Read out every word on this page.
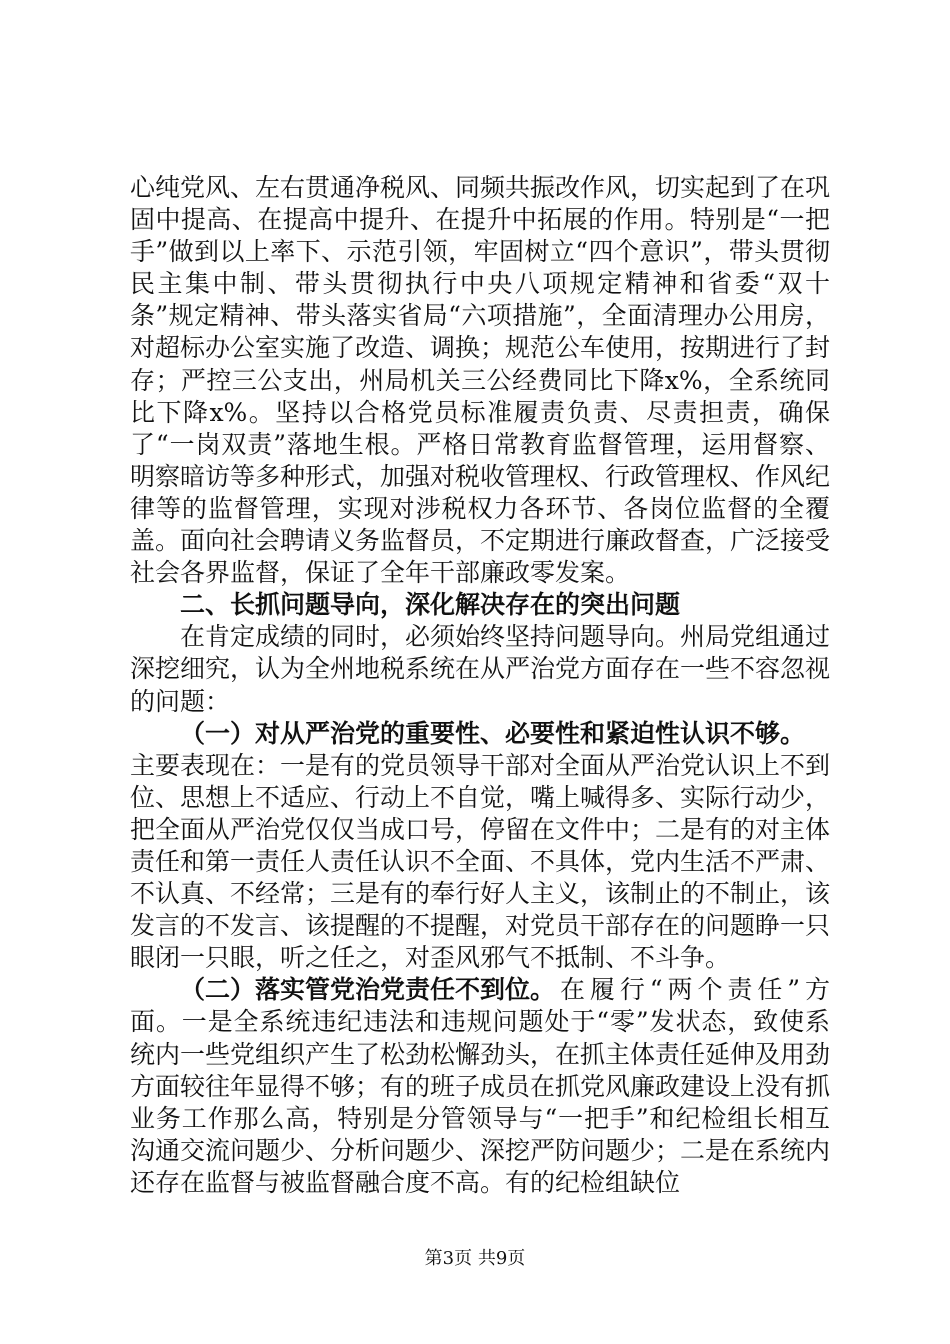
心纯党风、左右贯通净税风、同频共振改作风，切实起到了在巩固中提高、在提高中提升、在提升中拓展的作用。特别是“一把手”做到以上率下、示范引领，牢固树立“四个意识”，带头贯彻民主集中制、带头贯彻执行中央八项规定精神和省委“双十条”规定精神、带头落实省局“六项措施”，全面清理办公用房，对超标办公室实施了改造、调换；规范公车使用，按期进行了封存；严控三公支出，州局机关三公经费同比下降x%，全系统同比下降x%。坚持以合格党员标准履责负责、尽责担责，确保了“一岗双责”落地生根。严格日常教育监督管理，运用督察、明察暗访等多种形式，加强对税收管理权、行政管理权、作风纪律等的监督管理，实现对涉税权力各环节、各岗位监督的全覆盖。面向社会聘请义务监督员，不定期进行廉政督查，广泛接受社会各界监督，保证了全年干部廉政零发案。

二、长抓问题导向，深化解决存在的突出问题

在肯定成绩的同时，必须始终坚持问题导向。州局党组通过深挖细究，认为全州地税系统在从严治党方面存在一些不容忽视的问题：

（一）对从严治党的重要性、必要性和紧迫性认识不够。主要表现在：一是有的党员领导干部对全面从严治党认识上不到位、思想上不适应、行动上不自觉，嘴上喊得多、实际行动少，把全面从严治党仅仅当成口号，停留在文件中；二是有的对主体责任和第一责任人责任认识不全面、不具体，党内生活不严肃、不认真、不经常；三是有的奉行好人主义，该制止的不制止，该发言的不发言、该提醒的不提醒，对党员干部存在的问题睁一只眼闭一只眼，听之任之，对歪风邪气不抵制、不斗争。

（二）落实管党治党责任不到位。在履行“两个责任”方面。一是全系统违纪违法和违规问题处于“零”发状态，致使系统内一些党组织产生了松劲松懈劲头，在抓主体责任延伸及用劲方面较往年显得不够；有的班子成员在抓党风廉政建设上没有抓业务工作那么高，特别是分管领导与“一把手”和纪检组长相互沟通交流问题少、分析问题少、深挖严防问题少；二是在系统内还存在监督与被监督融合度不高。有的纪检组缺位

第3页 共9页
